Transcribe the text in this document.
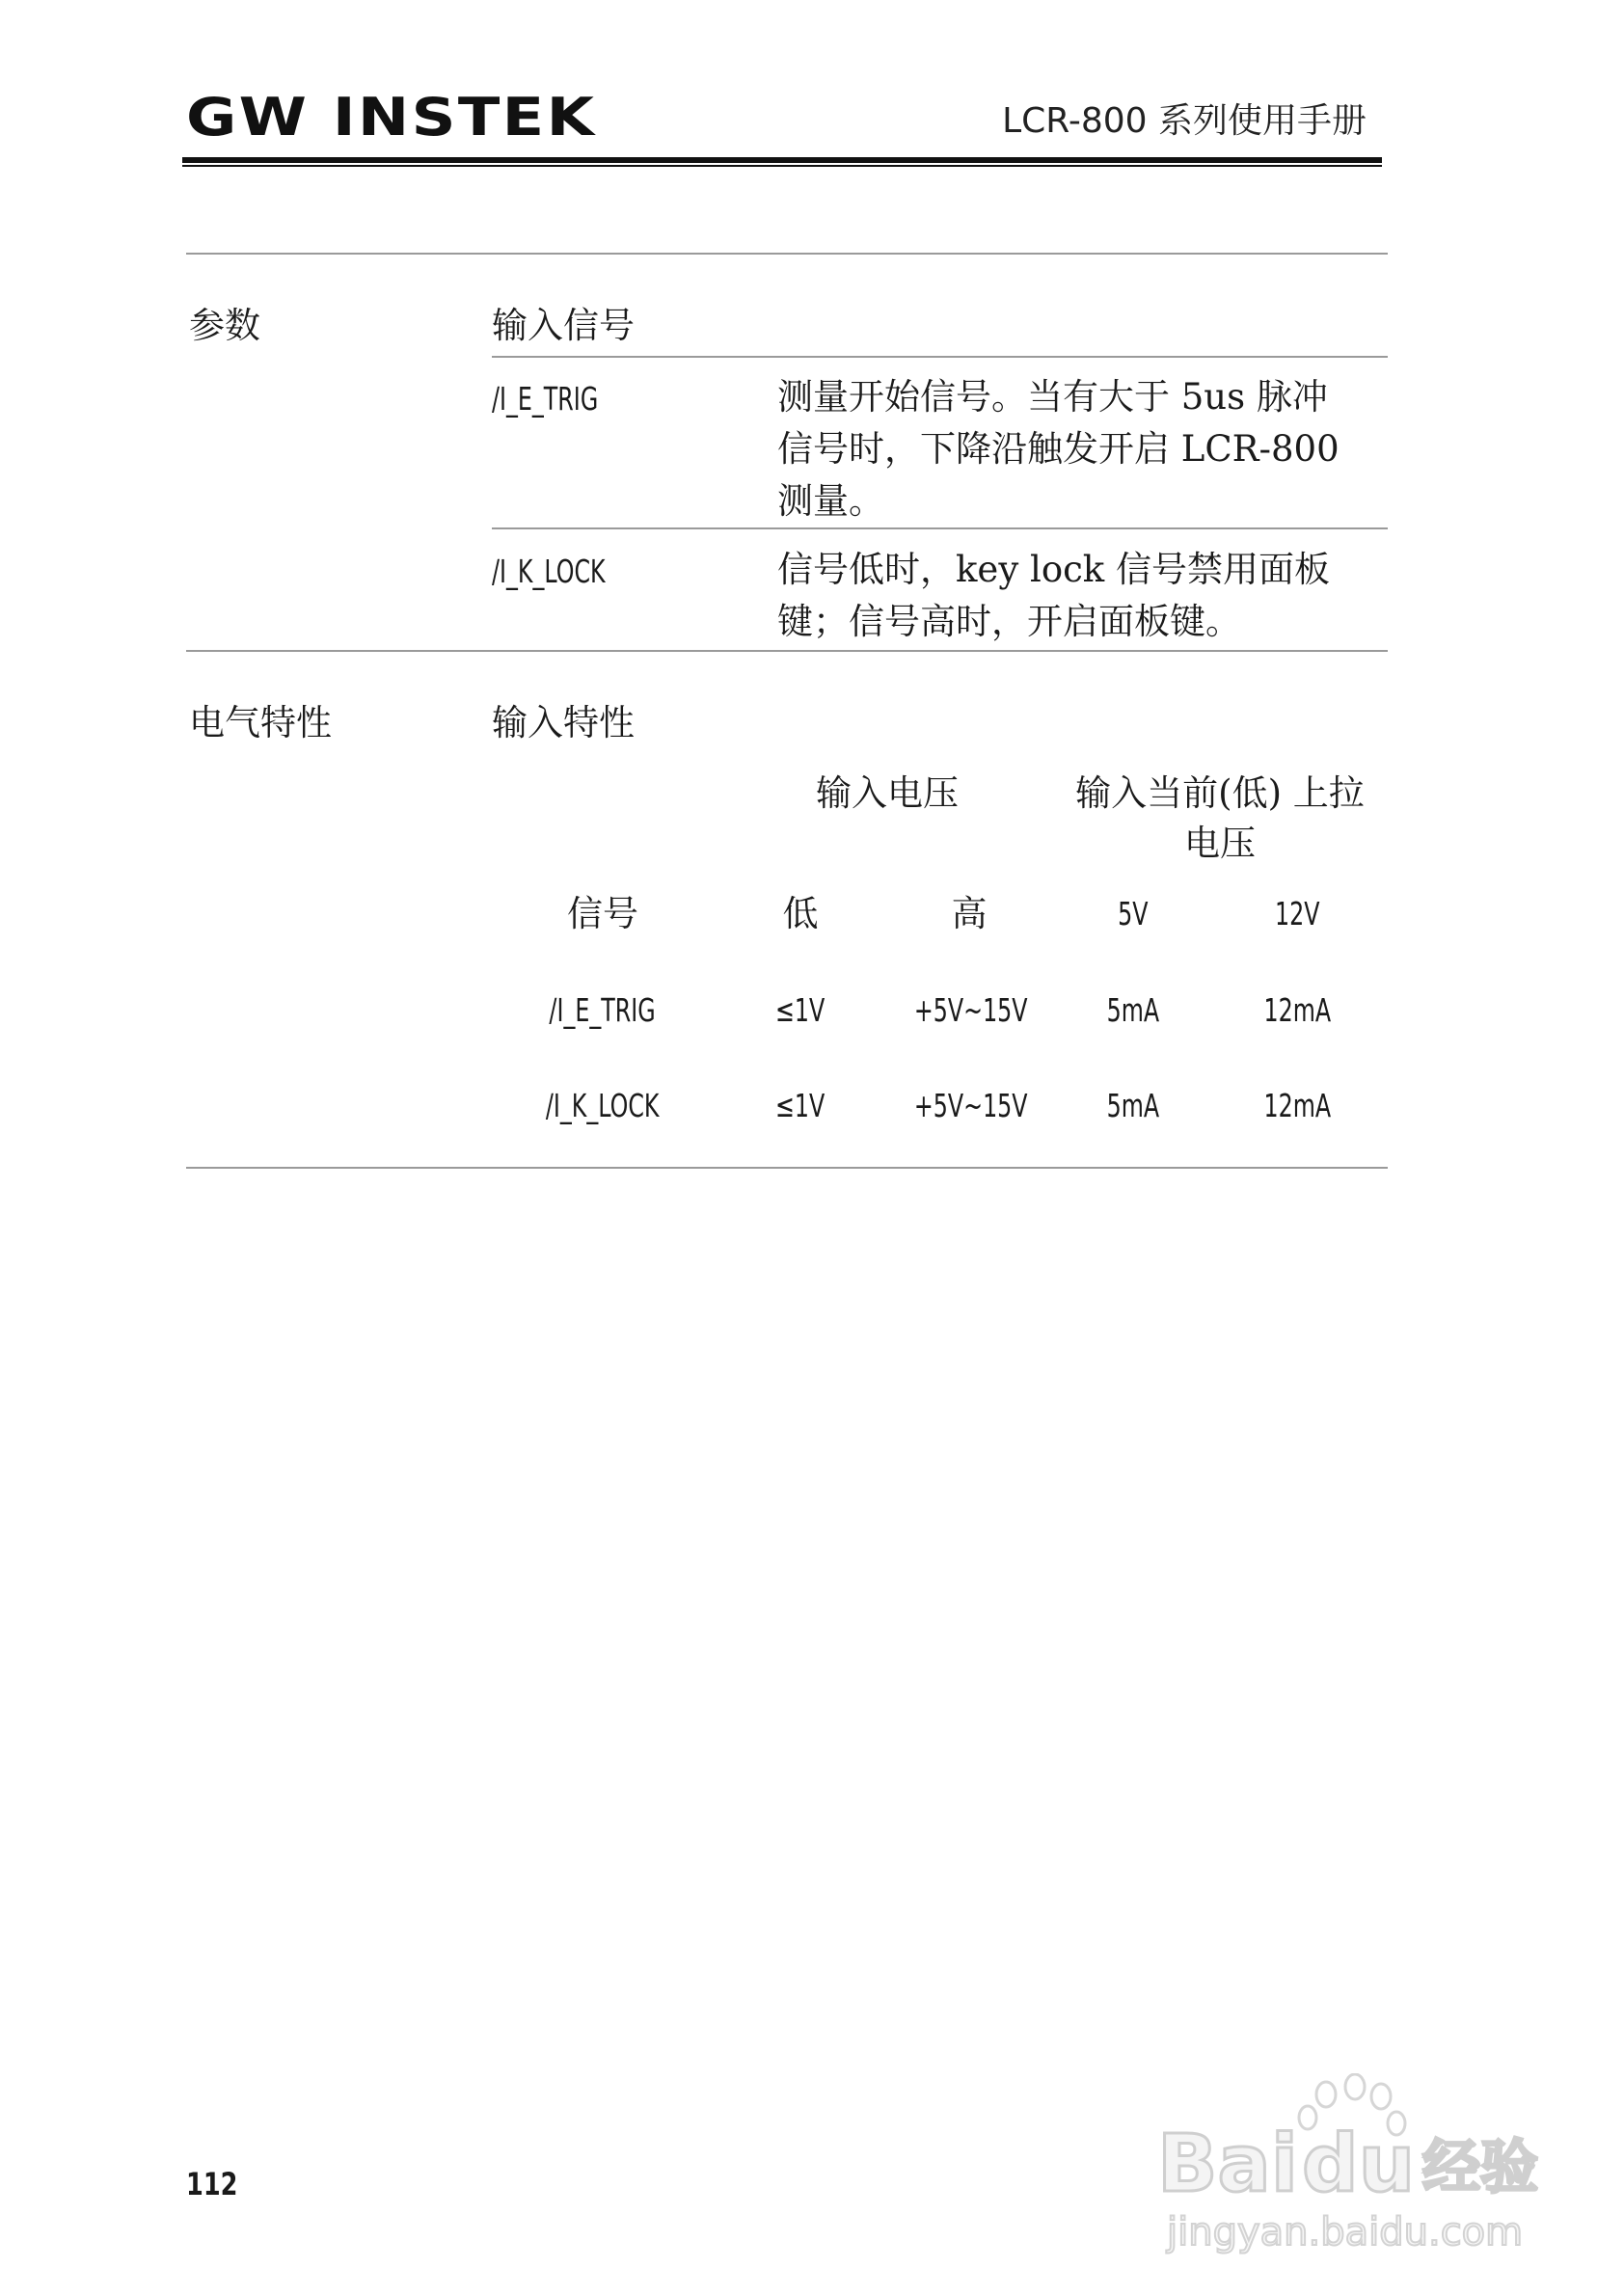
GW INSTEK	LCR-800 系列使用手册
参数	输入信号
/I_E_TRIG	测量开始信号。当有大于 5us 脉冲
信号时，下降沿触发开启 LCR-800
测量。
/I_K_LOCK	信号低时，key lock 信号禁用面板
键；信号高时，开启面板键。
电气特性	输入特性
输入电压	输入当前(低) 上拉
电压
信号	低	高	5V	12V
/I_E_TRIG	≤1V	+5V~15V	5mA	12mA
/I_K_LOCK	≤1V	+5V~15V	5mA	12mA
112	Bai du 经验
jingyan.baidu.com
